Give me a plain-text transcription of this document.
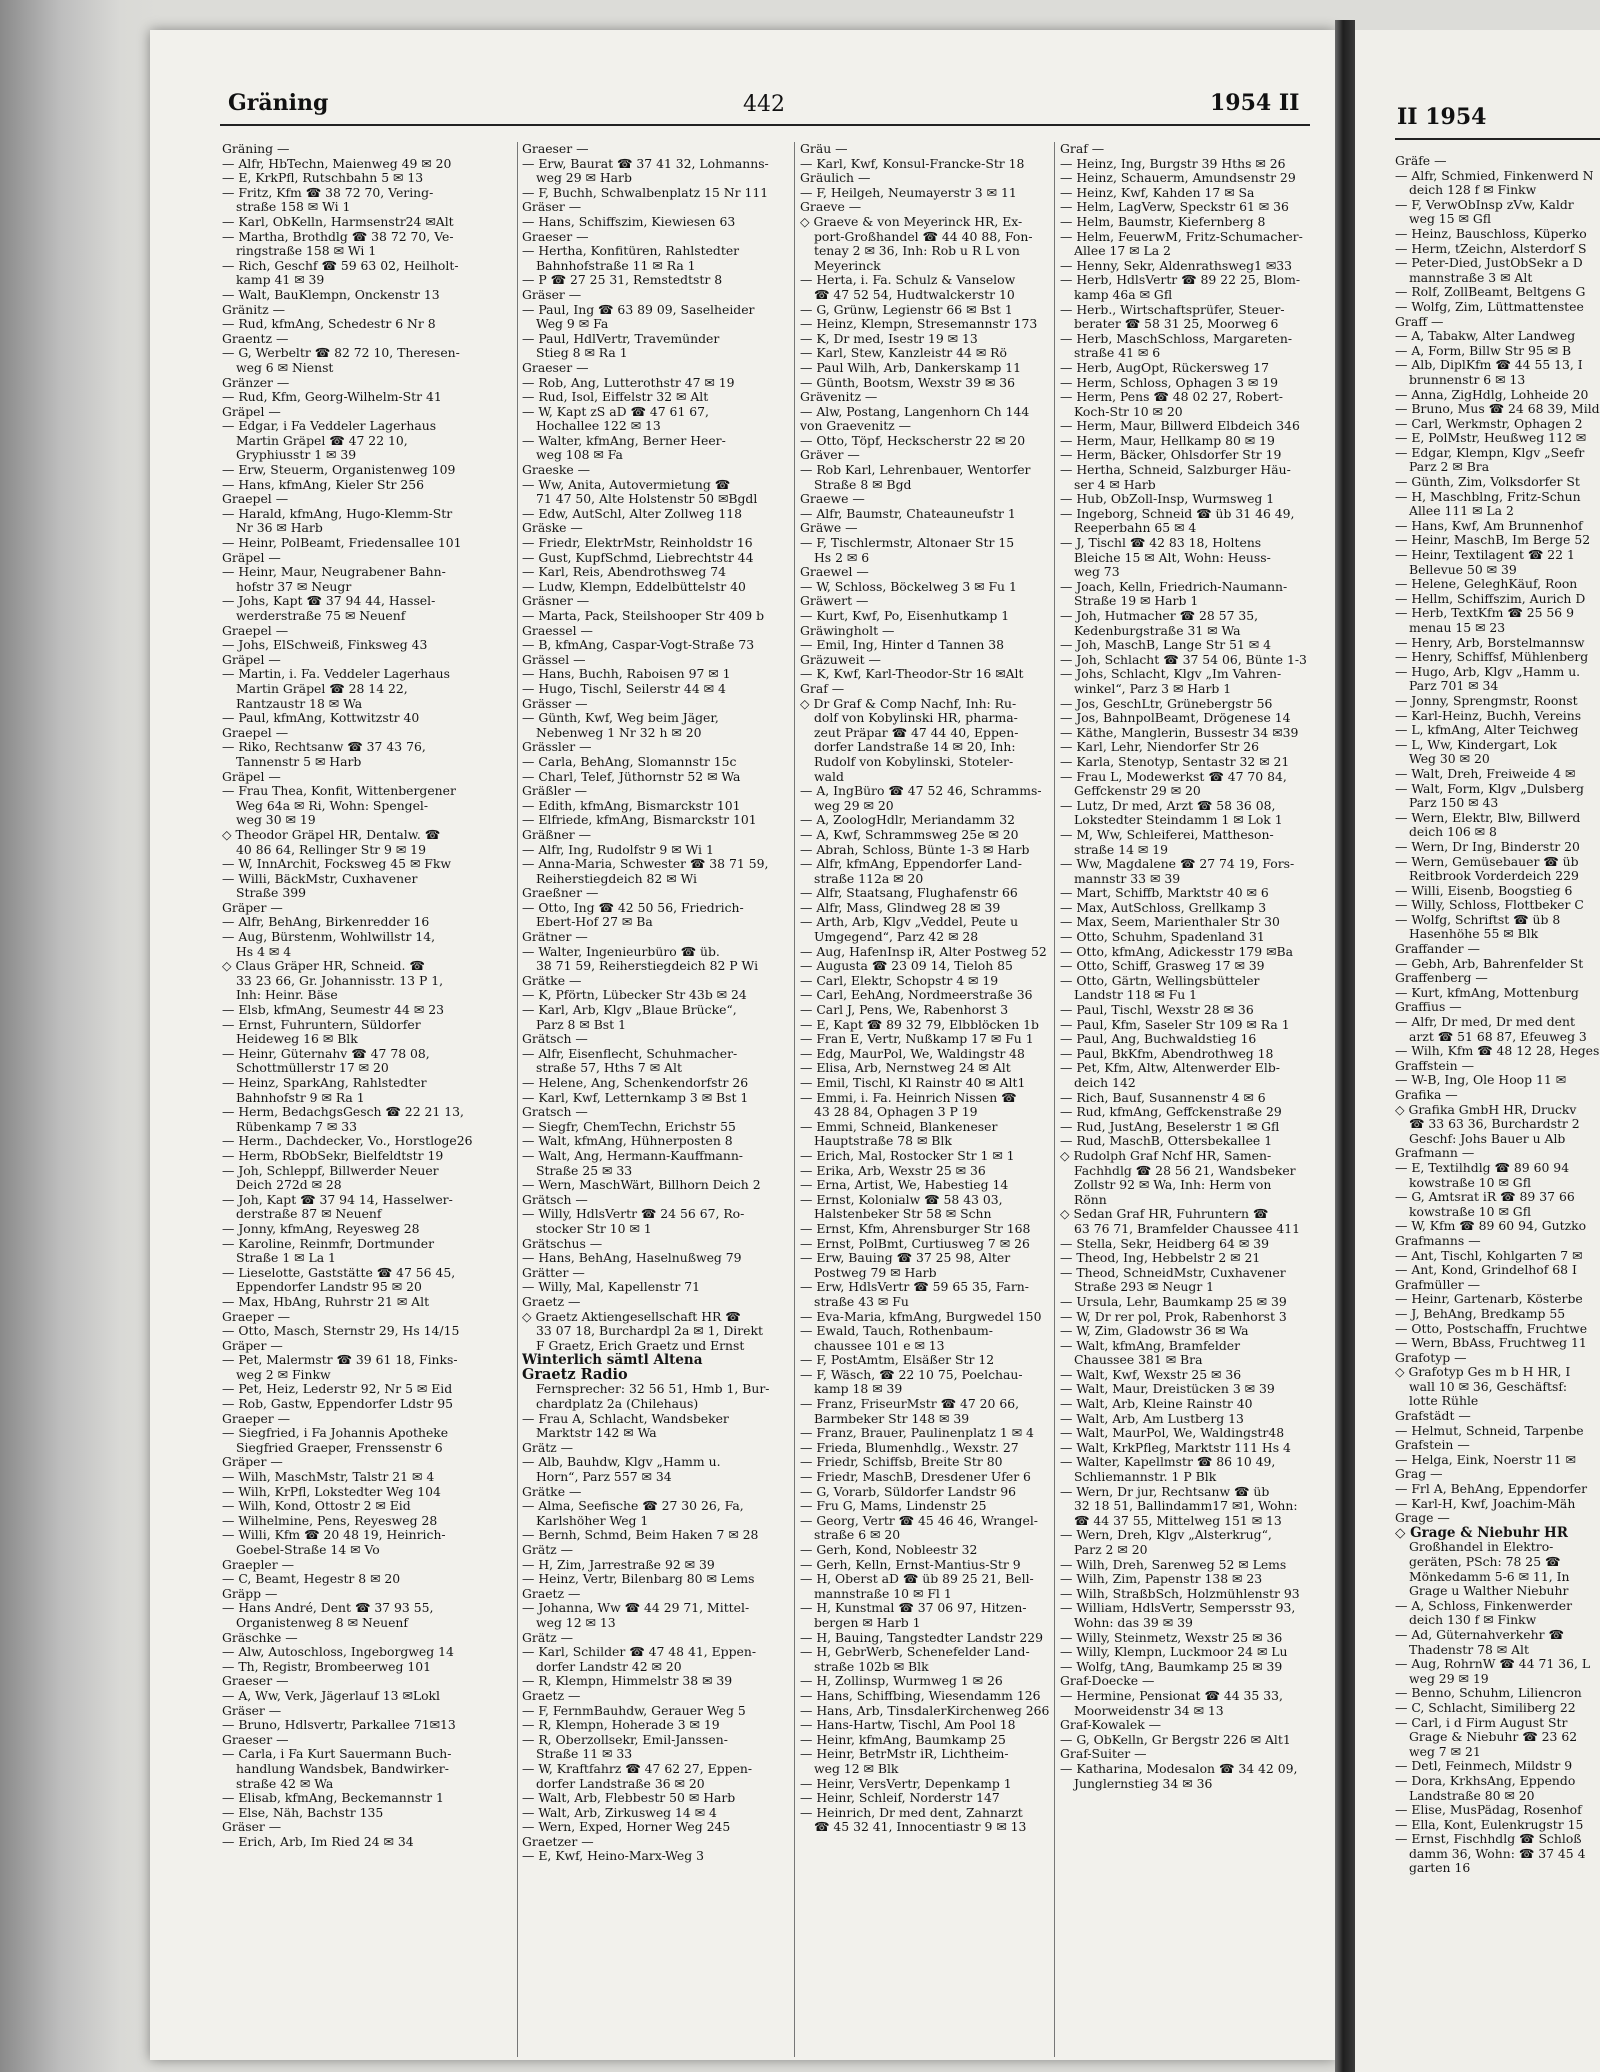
Gräning	442	1954 II
Gräning —
— Alfr, HbTechn, Maienweg 49 ✉ 20
— E, KrkPfl, Rutschbahn 5 ✉ 13
— Fritz, Kfm ☎ 38 72 70, Vering-
straße 158 ✉ Wi 1
— Karl, ObKelln, Harmsenstr24 ✉Alt
— Martha, Brothdlg ☎ 38 72 70, Ve-
ringstraße 158 ✉ Wi 1
— Rich, Geschf ☎ 59 63 02, Heilholt-
kamp 41 ✉ 39
— Walt, BauKlempn, Onckenstr 13
Gränitz —
— Rud, kfmAng, Schedestr 6 Nr 8
Graentz —
— G, Werbeltr ☎ 82 72 10, Theresen-
weg 6 ✉ Nienst
Gränzer —
— Rud, Kfm, Georg-Wilhelm-Str 41
Gräpel —
— Edgar, i Fa Veddeler Lagerhaus
Martin Gräpel ☎ 47 22 10,
Gryphiusstr 1 ✉ 39
— Erw, Steuerm, Organistenweg 109
— Hans, kfmAng, Kieler Str 256
Graepel —
— Harald, kfmAng, Hugo-Klemm-Str
Nr 36 ✉ Harb
— Heinr, PolBeamt, Friedensallee 101
Gräpel —
— Heinr, Maur, Neugrabener Bahn-
hofstr 37 ✉ Neugr
— Johs, Kapt ☎ 37 94 44, Hassel-
werderstraße 75 ✉ Neuenf
Graepel —
— Johs, ElSchweiß, Finksweg 43
Gräpel —
— Martin, i. Fa. Veddeler Lagerhaus
Martin Gräpel ☎ 28 14 22,
Rantzaustr 18 ✉ Wa
— Paul, kfmAng, Kottwitzstr 40
Graepel —
— Riko, Rechtsanw ☎ 37 43 76,
Tannenstr 5 ✉ Harb
Gräpel —
— Frau Thea, Konfit, Wittenbergener
Weg 64a ✉ Ri, Wohn: Spengel-
weg 30 ✉ 19
◇ Theodor Gräpel HR, Dentalw. ☎
40 86 64, Rellinger Str 9 ✉ 19
— W, InnArchit, Focksweg 45 ✉ Fkw
— Willi, BäckMstr, Cuxhavener
Straße 399
Gräper —
— Alfr, BehAng, Birkenredder 16
— Aug, Bürstenm, Wohlwillstr 14,
Hs 4 ✉ 4
◇ Claus Gräper HR, Schneid. ☎
33 23 66, Gr. Johannisstr. 13 P 1,
Inh: Heinr. Bäse
— Elsb, kfmAng, Seumestr 44 ✉ 23
— Ernst, Fuhruntern, Süldorfer
Heideweg 16 ✉ Blk
— Heinr, Güternahv ☎ 47 78 08,
Schottmüllerstr 17 ✉ 20
— Heinz, SparkAng, Rahlstedter
Bahnhofstr 9 ✉ Ra 1
— Herm, BedachgsGesch ☎ 22 21 13,
Rübenkamp 7 ✉ 33
— Herm., Dachdecker, Vo., Horstloge26
— Herm, RbObSekr, Bielfeldtstr 19
— Joh, Schleppf, Billwerder Neuer
Deich 272d ✉ 28
— Joh, Kapt ☎ 37 94 14, Hasselwer-
derstraße 87 ✉ Neuenf
— Jonny, kfmAng, Reyesweg 28
— Karoline, Reinmfr, Dortmunder
Straße 1 ✉ La 1
— Lieselotte, Gaststätte ☎ 47 56 45,
Eppendorfer Landstr 95 ✉ 20
— Max, HbAng, Ruhrstr 21 ✉ Alt
Graeper —
— Otto, Masch, Sternstr 29, Hs 14/15
Gräper —
— Pet, Malermstr ☎ 39 61 18, Finks-
weg 2 ✉ Finkw
— Pet, Heiz, Lederstr 92, Nr 5 ✉ Eid
— Rob, Gastw, Eppendorfer Ldstr 95
Graeper —
— Siegfried, i Fa Johannis Apotheke
Siegfried Graeper, Frenssenstr 6
Gräper —
— Wilh, MaschMstr, Talstr 21 ✉ 4
— Wilh, KrPfl, Lokstedter Weg 104
— Wilh, Kond, Ottostr 2 ✉ Eid
— Wilhelmine, Pens, Reyesweg 28
— Willi, Kfm ☎ 20 48 19, Heinrich-
Goebel-Straße 14 ✉ Vo
Graepler —
— C, Beamt, Hegestr 8 ✉ 20
Gräpp —
— Hans André, Dent ☎ 37 93 55,
Organistenweg 8 ✉ Neuenf
Gräschke —
— Alw, Autoschloss, Ingeborgweg 14
— Th, Registr, Brombeerweg 101
Graeser —
— A, Ww, Verk, Jägerlauf 13 ✉Lokl
Gräser —
— Bruno, Hdlsvertr, Parkallee 71✉13
Graeser —
— Carla, i Fa Kurt Sauermann Buch-
handlung Wandsbek, Bandwirker-
straße 42 ✉ Wa
— Elisab, kfmAng, Beckemannstr 1
— Else, Näh, Bachstr 135
Gräser —
— Erich, Arb, Im Ried 24 ✉ 34
Graeser —
— Erw, Baurat ☎ 37 41 32, Lohmanns-
weg 29 ✉ Harb
— F, Buchh, Schwalbenplatz 15 Nr 111
Gräser —
— Hans, Schiffszim, Kiewiesen 63
Graeser —
— Hertha, Konfitüren, Rahlstedter
Bahnhofstraße 11 ✉ Ra 1
— P ☎ 27 25 31, Remstedtstr 8
Gräser —
— Paul, Ing ☎ 63 89 09, Saselheider
Weg 9 ✉ Fa
— Paul, HdlVertr, Travemünder
Stieg 8 ✉ Ra 1
Graeser —
— Rob, Ang, Lutterothstr 47 ✉ 19
— Rud, Isol, Eiffelstr 32 ✉ Alt
— W, Kapt zS aD ☎ 47 61 67,
Hochallee 122 ✉ 13
— Walter, kfmAng, Berner Heer-
weg 108 ✉ Fa
Graeske —
— Ww, Anita, Autovermietung ☎
71 47 50, Alte Holstenstr 50 ✉Bgdl
— Edw, AutSchl, Alter Zollweg 118
Gräske —
— Friedr, ElektrMstr, Reinholdstr 16
— Gust, KupfSchmd, Liebrechtstr 44
— Karl, Reis, Abendrothsweg 74
— Ludw, Klempn, Eddelbüttelstr 40
Gräsner —
— Marta, Pack, Steilshooper Str 409 b
Graessel —
— B, kfmAng, Caspar-Vogt-Straße 73
Grässel —
— Hans, Buchh, Raboisen 97 ✉ 1
— Hugo, Tischl, Seilerstr 44 ✉ 4
Grässer —
— Günth, Kwf, Weg beim Jäger,
Nebenweg 1 Nr 32 h ✉ 20
Grässler —
— Carla, BehAng, Slomannstr 15c
— Charl, Telef, Jüthornstr 52 ✉ Wa
Gräßler —
— Edith, kfmAng, Bismarckstr 101
— Elfriede, kfmAng, Bismarckstr 101
Gräßner —
— Alfr, Ing, Rudolfstr 9 ✉ Wi 1
— Anna-Maria, Schwester ☎ 38 71 59,
Reiherstiegdeich 82 ✉ Wi
Graeßner —
— Otto, Ing ☎ 42 50 56, Friedrich-
Ebert-Hof 27 ✉ Ba
Grätner —
— Walter, Ingenieurbüro ☎ üb.
38 71 59, Reiherstiegdeich 82 P Wi
Grätke —
— K, Pförtn, Lübecker Str 43b ✉ 24
— Karl, Arb, Klgv „Blaue Brücke“,
Parz 8 ✉ Bst 1
Grätsch —
— Alfr, Eisenflecht, Schuhmacher-
straße 57, Hths 7 ✉ Alt
— Helene, Ang, Schenkendorfstr 26
— Karl, Kwf, Letternkamp 3 ✉ Bst 1
Gratsch —
— Siegfr, ChemTechn, Erichstr 55
— Walt, kfmAng, Hühnerposten 8
— Walt, Ang, Hermann-Kauffmann-
Straße 25 ✉ 33
— Wern, MaschWärt, Billhorn Deich 2
Grätsch —
— Willy, HdlsVertr ☎ 24 56 67, Ro-
stocker Str 10 ✉ 1
Grätschus —
— Hans, BehAng, Haselnußweg 79
Grätter —
— Willy, Mal, Kapellenstr 71
Graetz —
◇ Graetz Aktiengesellschaft HR ☎
33 07 18, Burchardpl 2a ✉ 1, Direkt
F Graetz, Erich Graetz und Ernst
Winterlich sämtl Altena
Graetz Radio
Fernsprecher: 32 56 51, Hmb 1, Bur-
chardplatz 2a (Chilehaus)
— Frau A, Schlacht, Wandsbeker
Marktstr 142 ✉ Wa
Grätz —
— Alb, Bauhdw, Klgv „Hamm u.
Horn“, Parz 557 ✉ 34
Grätke —
— Alma, Seefische ☎ 27 30 26, Fa,
Karlshöher Weg 1
— Bernh, Schmd, Beim Haken 7 ✉ 28
Grätz —
— H, Zim, Jarrestraße 92 ✉ 39
— Heinz, Vertr, Bilenbarg 80 ✉ Lems
Graetz —
— Johanna, Ww ☎ 44 29 71, Mittel-
weg 12 ✉ 13
Grätz —
— Karl, Schilder ☎ 47 48 41, Eppen-
dorfer Landstr 42 ✉ 20
— R, Klempn, Himmelstr 38 ✉ 39
Graetz —
— F, FernmBauhdw, Gerauer Weg 5
— R, Klempn, Hoherade 3 ✉ 19
— R, Oberzollsekr, Emil-Janssen-
Straße 11 ✉ 33
— W, Kraftfahrz ☎ 47 62 27, Eppen-
dorfer Landstraße 36 ✉ 20
— Walt, Arb, Flebbestr 50 ✉ Harb
— Walt, Arb, Zirkusweg 14 ✉ 4
— Wern, Exped, Horner Weg 245
Graetzer —
— E, Kwf, Heino-Marx-Weg 3
Gräu —
— Karl, Kwf, Konsul-Francke-Str 18
Gräulich —
— F, Heilgeh, Neumayerstr 3 ✉ 11
Graeve —
◇ Graeve & von Meyerinck HR, Ex-
port-Großhandel ☎ 44 40 88, Fon-
tenay 2 ✉ 36, Inh: Rob u R L von
Meyerinck
— Herta, i. Fa. Schulz & Vanselow
☎ 47 52 54, Hudtwalckerstr 10
— G, Grünw, Legienstr 66 ✉ Bst 1
— Heinz, Klempn, Stresemannstr 173
— K, Dr med, Isestr 19 ✉ 13
— Karl, Stew, Kanzleistr 44 ✉ Rö
— Paul Wilh, Arb, Dankerskamp 11
— Günth, Bootsm, Wexstr 39 ✉ 36
Grävenitz —
— Alw, Postang, Langenhorn Ch 144
von Graevenitz —
— Otto, Töpf, Heckscherstr 22 ✉ 20
Gräver —
— Rob Karl, Lehrenbauer, Wentorfer
Straße 8 ✉ Bgd
Graewe —
— Alfr, Baumstr, Chateauneufstr 1
Gräwe —
— F, Tischlermstr, Altonaer Str 15
Hs 2 ✉ 6
Graewel —
— W, Schloss, Böckelweg 3 ✉ Fu 1
Gräwert —
— Kurt, Kwf, Po, Eisenhutkamp 1
Gräwingholt —
— Emil, Ing, Hinter d Tannen 38
Gräzuweit —
— K, Kwf, Karl-Theodor-Str 16 ✉Alt
Graf —
◇ Dr Graf & Comp Nachf, Inh: Ru-
dolf von Kobylinski HR, pharma-
zeut Präpar ☎ 47 44 40, Eppen-
dorfer Landstraße 14 ✉ 20, Inh:
Rudolf von Kobylinski, Stoteler-
wald
— A, IngBüro ☎ 47 52 46, Schramms-
weg 29 ✉ 20
— A, ZoologHdlr, Meriandamm 32
— A, Kwf, Schrammsweg 25e ✉ 20
— Abrah, Schloss, Bünte 1-3 ✉ Harb
— Alfr, kfmAng, Eppendorfer Land-
straße 112a ✉ 20
— Alfr, Staatsang, Flughafenstr 66
— Alfr, Mass, Glindweg 28 ✉ 39
— Arth, Arb, Klgv „Veddel, Peute u
Umgegend“, Parz 42 ✉ 28
— Aug, HafenInsp iR, Alter Postweg 52
— Augusta ☎ 23 09 14, Tieloh 85
— Carl, Elektr, Schopstr 4 ✉ 19
— Carl, EehAng, Nordmeerstraße 36
— Carl J, Pens, We, Rabenhorst 3
— E, Kapt ☎ 89 32 79, Elbblöcken 1b
— Fran E, Vertr, Nußkamp 17 ✉ Fu 1
— Edg, MaurPol, We, Waldingstr 48
— Elisa, Arb, Nernstweg 24 ✉ Alt
— Emil, Tischl, Kl Rainstr 40 ✉ Alt1
— Emmi, i. Fa. Heinrich Nissen ☎
43 28 84, Ophagen 3 P 19
— Emmi, Schneid, Blankeneser
Hauptstraße 78 ✉ Blk
— Erich, Mal, Rostocker Str 1 ✉ 1
— Erika, Arb, Wexstr 25 ✉ 36
— Erna, Artist, We, Habestieg 14
— Ernst, Kolonialw ☎ 58 43 03,
Halstenbeker Str 58 ✉ Schn
— Ernst, Kfm, Ahrensburger Str 168
— Ernst, PolBmt, Curtiusweg 7 ✉ 26
— Erw, Bauing ☎ 37 25 98, Alter
Postweg 79 ✉ Harb
— Erw, HdlsVertr ☎ 59 65 35, Farn-
straße 43 ✉ Fu
— Eva-Maria, kfmAng, Burgwedel 150
— Ewald, Tauch, Rothenbaum-
chaussee 101 e ✉ 13
— F, PostAmtm, Elsäßer Str 12
— F, Wäsch, ☎ 22 10 75, Poelchau-
kamp 18 ✉ 39
— Franz, FriseurMstr ☎ 47 20 66,
Barmbeker Str 148 ✉ 39
— Franz, Brauer, Paulinenplatz 1 ✉ 4
— Frieda, Blumenhdlg., Wexstr. 27
— Friedr, Schiffsb, Breite Str 80
— Friedr, MaschB, Dresdener Ufer 6
— G, Vorarb, Süldorfer Landstr 96
— Fru G, Mams, Lindenstr 25
— Georg, Vertr ☎ 45 46 46, Wrangel-
straße 6 ✉ 20
— Gerh, Kond, Nobleestr 32
— Gerh, Kelln, Ernst-Mantius-Str 9
— H, Oberst aD ☎ üb 89 25 21, Bell-
mannstraße 10 ✉ Fl 1
— H, Kunstmal ☎ 37 06 97, Hitzen-
bergen ✉ Harb 1
— H, Bauing, Tangstedter Landstr 229
— H, GebrWerb, Schenefelder Land-
straße 102b ✉ Blk
— H, Zollinsp, Wurmweg 1 ✉ 26
— Hans, Schiffbing, Wiesendamm 126
— Hans, Arb, TinsdalerKirchenweg 266
— Hans-Hartw, Tischl, Am Pool 18
— Heinr, kfmAng, Baumkamp 25
— Heinr, BetrMstr iR, Lichtheim-
weg 12 ✉ Blk
— Heinr, VersVertr, Depenkamp 1
— Heinr, Schleif, Norderstr 147
— Heinrich, Dr med dent, Zahnarzt
☎ 45 32 41, Innocentiastr 9 ✉ 13
Graf —
— Heinz, Ing, Burgstr 39 Hths ✉ 26
— Heinz, Schauerm, Amundsenstr 29
— Heinz, Kwf, Kahden 17 ✉ Sa
— Helm, LagVerw, Speckstr 61 ✉ 36
— Helm, Baumstr, Kiefernberg 8
— Helm, FeuerwM, Fritz-Schumacher-
Allee 17 ✉ La 2
— Henny, Sekr, Aldenrathsweg1 ✉33
— Herb, HdlsVertr ☎ 89 22 25, Blom-
kamp 46a ✉ Gfl
— Herb., Wirtschaftsprüfer, Steuer-
berater ☎ 58 31 25, Moorweg 6
— Herb, MaschSchloss, Margareten-
straße 41 ✉ 6
— Herb, AugOpt, Rückersweg 17
— Herm, Schloss, Ophagen 3 ✉ 19
— Herm, Pens ☎ 48 02 27, Robert-
Koch-Str 10 ✉ 20
— Herm, Maur, Billwerd Elbdeich 346
— Herm, Maur, Hellkamp 80 ✉ 19
— Herm, Bäcker, Ohlsdorfer Str 19
— Hertha, Schneid, Salzburger Häu-
ser 4 ✉ Harb
— Hub, ObZoll-Insp, Wurmsweg 1
— Ingeborg, Schneid ☎ üb 31 46 49,
Reeperbahn 65 ✉ 4
— J, Tischl ☎ 42 83 18, Holtens
Bleiche 15 ✉ Alt, Wohn: Heuss-
weg 73
— Joach, Kelln, Friedrich-Naumann-
Straße 19 ✉ Harb 1
— Joh, Hutmacher ☎ 28 57 35,
Kedenburgstraße 31 ✉ Wa
— Joh, MaschB, Lange Str 51 ✉ 4
— Joh, Schlacht ☎ 37 54 06, Bünte 1-3
— Johs, Schlacht, Klgv „Im Vahren-
winkel“, Parz 3 ✉ Harb 1
— Jos, GeschLtr, Grünebergstr 56
— Jos, BahnpolBeamt, Drögenese 14
— Käthe, Manglerin, Bussestr 34 ✉39
— Karl, Lehr, Niendorfer Str 26
— Karla, Stenotyp, Sentastr 32 ✉ 21
— Frau L, Modewerkst ☎ 47 70 84,
Geffckenstr 29 ✉ 20
— Lutz, Dr med, Arzt ☎ 58 36 08,
Lokstedter Steindamm 1 ✉ Lok 1
— M, Ww, Schleiferei, Mattheson-
straße 14 ✉ 19
— Ww, Magdalene ☎ 27 74 19, Fors-
mannstr 33 ✉ 39
— Mart, Schiffb, Marktstr 40 ✉ 6
— Max, AutSchloss, Grellkamp 3
— Max, Seem, Marienthaler Str 30
— Otto, Schuhm, Spadenland 31
— Otto, kfmAng, Adickesstr 179 ✉Ba
— Otto, Schiff, Grasweg 17 ✉ 39
— Otto, Gärtn, Wellingsbütteler
Landstr 118 ✉ Fu 1
— Paul, Tischl, Wexstr 28 ✉ 36
— Paul, Kfm, Saseler Str 109 ✉ Ra 1
— Paul, Ang, Buchwaldstieg 16
— Paul, BkKfm, Abendrothweg 18
— Pet, Kfm, Altw, Altenwerder Elb-
deich 142
— Rich, Bauf, Susannenstr 4 ✉ 6
— Rud, kfmAng, Geffckenstraße 29
— Rud, JustAng, Beselerstr 1 ✉ Gfl
— Rud, MaschB, Ottersbekallee 1
◇ Rudolph Graf Nchf HR, Samen-
Fachhdlg ☎ 28 56 21, Wandsbeker
Zollstr 92 ✉ Wa, Inh: Herm von
Rönn
◇ Sedan Graf HR, Fuhruntern ☎
63 76 71, Bramfelder Chaussee 411
— Stella, Sekr, Heidberg 64 ✉ 39
— Theod, Ing, Hebbelstr 2 ✉ 21
— Theod, SchneidMstr, Cuxhavener
Straße 293 ✉ Neugr 1
— Ursula, Lehr, Baumkamp 25 ✉ 39
— W, Dr rer pol, Prok, Rabenhorst 3
— W, Zim, Gladowstr 36 ✉ Wa
— Walt, kfmAng, Bramfelder
Chaussee 381 ✉ Bra
— Walt, Kwf, Wexstr 25 ✉ 36
— Walt, Maur, Dreistücken 3 ✉ 39
— Walt, Arb, Kleine Rainstr 40
— Walt, Arb, Am Lustberg 13
— Walt, MaurPol, We, Waldingstr48
— Walt, KrkPfleg, Marktstr 111 Hs 4
— Walter, Kapellmstr ☎ 86 10 49,
Schliemannstr. 1 P Blk
— Wern, Dr jur, Rechtsanw ☎ üb
32 18 51, Ballindamm17 ✉1, Wohn:
☎ 44 37 55, Mittelweg 151 ✉ 13
— Wern, Dreh, Klgv „Alsterkrug“,
Parz 2 ✉ 20
— Wilh, Dreh, Sarenweg 52 ✉ Lems
— Wilh, Zim, Papenstr 138 ✉ 23
— Wilh, StraßbSch, Holzmühlenstr 93
— William, HdlsVertr, Sempersstr 93,
Wohn: das 39 ✉ 39
— Willy, Steinmetz, Wexstr 25 ✉ 36
— Willy, Klempn, Luckmoor 24 ✉ Lu
— Wolfg, tAng, Baumkamp 25 ✉ 39
Graf-Doecke —
— Hermine, Pensionat ☎ 44 35 33,
Moorweidenstr 34 ✉ 13
Graf-Kowalek —
— G, ObKelln, Gr Bergstr 226 ✉ Alt1
Graf-Suiter —
— Katharina, Modesalon ☎ 34 42 09,
Junglernstieg 34 ✉ 36
II 1954
Gräfe —
— Alfr, Schmied, Finkenwerd N
deich 128 f ✉ Finkw
— F, VerwObInsp zVw, Kaldr
weg 15 ✉ Gfl
— Heinz, Bauschloss, Küperko
— Herm, tZeichn, Alsterdorf S
— Peter-Died, JustObSekr a D
mannstraße 3 ✉ Alt
— Rolf, ZollBeamt, Beltgens G
— Wolfg, Zim, Lüttmattenstee
Graff —
— A, Tabakw, Alter Landweg
— A, Form, Billw Str 95 ✉ B
— Alb, DiplKfm ☎ 44 55 13, I
brunnenstr 6 ✉ 13
— Anna, ZigHdlg, Lohheide 20
— Bruno, Mus ☎ 24 68 39, Mild
— Carl, Werkmstr, Ophagen 2
— E, PolMstr, Heußweg 112 ✉
— Edgar, Klempn, Klgv „Seefr
Parz 2 ✉ Bra
— Günth, Zim, Volksdorfer St
— H, Maschblng, Fritz-Schun
Allee 111 ✉ La 2
— Hans, Kwf, Am Brunnenhof
— Heinr, MaschB, Im Berge 52
— Heinr, Textilagent ☎ 22 1
Bellevue 50 ✉ 39
— Helene, GeleghKäuf, Roon
— Hellm, Schiffszim, Aurich D
— Herb, TextKfm ☎ 25 56 9
menau 15 ✉ 23
— Henry, Arb, Borstelmannsw
— Henry, Schiffsf, Mühlenberg
— Hugo, Arb, Klgv „Hamm u.
Parz 701 ✉ 34
— Jonny, Sprengmstr, Roonst
— Karl-Heinz, Buchh, Vereins
— L, kfmAng, Alter Teichweg
— L, Ww, Kindergart, Lok
Weg 30 ✉ 20
— Walt, Dreh, Freiweide 4 ✉
— Walt, Form, Klgv „Dulsberg
Parz 150 ✉ 43
— Wern, Elektr, Blw, Billwerd
deich 106 ✉ 8
— Wern, Dr Ing, Binderstr 20
— Wern, Gemüsebauer ☎ üb
Reitbrook Vorderdeich 229
— Willi, Eisenb, Boogstieg 6
— Willy, Schloss, Flottbeker C
— Wolfg, Schriftst ☎ üb 8
Hasenhöhe 55 ✉ Blk
Graffander —
— Gebh, Arb, Bahrenfelder St
Graffenberg —
— Kurt, kfmAng, Mottenburg
Graffius —
— Alfr, Dr med, Dr med dent
arzt ☎ 51 68 87, Efeuweg 3
— Wilh, Kfm ☎ 48 12 28, Heges
Graffstein —
— W-B, Ing, Ole Hoop 11 ✉
Grafika —
◇ Grafika GmbH HR, Druckv
☎ 33 63 36, Burchardstr 2
Geschf: Johs Bauer u Alb
Grafmann —
— E, Textilhdlg ☎ 89 60 94
kowstraße 10 ✉ Gfl
— G, Amtsrat iR ☎ 89 37 66
kowstraße 10 ✉ Gfl
— W, Kfm ☎ 89 60 94, Gutzko
Grafmanns —
— Ant, Tischl, Kohlgarten 7 ✉
— Ant, Kond, Grindelhof 68 I
Grafmüller —
— Heinr, Gartenarb, Kösterbe
— J, BehAng, Bredkamp 55
— Otto, Postschaffn, Fruchtwe
— Wern, BbAss, Fruchtweg 11
Grafotyp —
◇ Grafotyp Ges m b H HR, I
wall 10 ✉ 36, Geschäftsf:
lotte Rühle
Grafstädt —
— Helmut, Schneid, Tarpenbe
Grafstein —
— Helga, Eink, Noerstr 11 ✉
Grag —
— Frl A, BehAng, Eppendorfer
— Karl-H, Kwf, Joachim-Mäh
Grage —
◇ Grage & Niebuhr HR
Großhandel in Elektro-
geräten, PSch: 78 25 ☎
Mönkedamm 5-6 ✉ 11, In
Grage u Walther Niebuhr
— A, Schloss, Finkenwerder
deich 130 f ✉ Finkw
— Ad, Güternahverkehr ☎
Thadenstr 78 ✉ Alt
— Aug, RohrnW ☎ 44 71 36, L
weg 29 ✉ 19
— Benno, Schuhm, Liliencron
— C, Schlacht, Similiberg 22
— Carl, i d Firm August Str
Grage & Niebuhr ☎ 23 62
weg 7 ✉ 21
— Detl, Feinmech, Mildstr 9
— Dora, KrkhsAng, Eppendo
Landstraße 80 ✉ 20
— Elise, MusPädag, Rosenhof
— Ella, Kont, Eulenkrugstr 15
— Ernst, Fischhdlg ☎ Schloß
damm 36, Wohn: ☎ 37 45 4
garten 16
